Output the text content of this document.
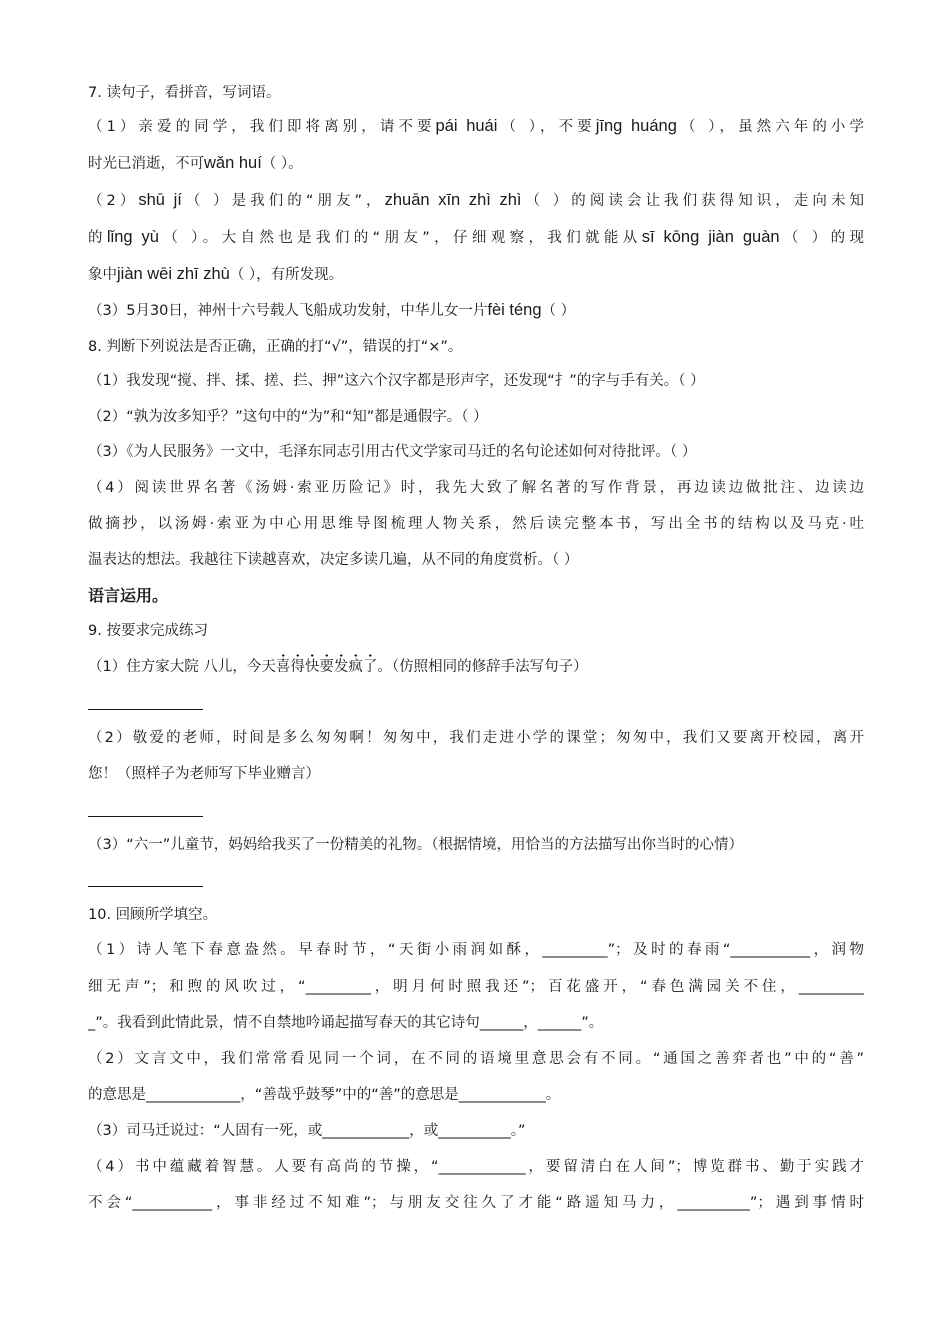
7. 读句子，看拼音，写词语。
（1）亲爱的同学，我们即将离别，请不要pái huái（ ），不要jīng huáng（ ），虽然六年的小学
时光已消逝，不可wǎn huí（ ）。
（2）shū jí（ ）是我们的“朋友”，zhuān xīn zhì zhì（ ）的阅读会让我们获得知识，走向未知
的lǐng yù（ ）。大自然也是我们的“朋友”，仔细观察，我们就能从sī kōng jiàn guàn（ ）的现
象中jiàn wēi zhī zhù（ ），有所发现。
（3）5月30日，神州十六号载人飞船成功发射，中华儿女一片fèi téng（ ）
8. 判断下列说法是否正确，正确的打“√”，错误的打“×”。
（1）我发现“搅、拌、揉、搓、拦、押”这六个汉字都是形声字，还发现“扌”的字与手有关。（ ）
（2）“孰为汝多知乎？”这句中的“为”和“知”都是通假字。（ ）
（3）《为人民服务》一文中，毛泽东同志引用古代文学家司马迁的名句论述如何对待批评。（ ）
（4）阅读世界名著《汤姆·索亚历险记》时，我先大致了解名著的写作背景，再边读边做批注、边读边
做摘抄，以汤姆·索亚为中心用思维导图梳理人物关系，然后读完整本书，写出全书的结构以及马克·吐
温表达的想法。我越往下读越喜欢，决定多读几遍，从不同的角度赏析。（ ）
语言运用。
9. 按要求完成练习
（1）住方家大院 八儿，今天喜得快要发疯了。（仿照相同的修辞手法写句子）
（2）敬爱的老师，时间是多么匆匆啊！匆匆中，我们走进小学的课堂；匆匆中，我们又要离开校园，离开
您！（照样子为老师写下毕业赠言）
（3）“六一”儿童节，妈妈给我买了一份精美的礼物。（根据情境，用恰当的方法描写出你当时的心情）
10. 回顾所学填空。
（1）诗人笔下春意盎然。早春时节，“天街小雨润如酥，_________”；及时的春雨“___________，润物
细无声”；和煦的风吹过，“_________，明月何时照我还”；百花盛开，“春色满园关不住，_________
_”。我看到此情此景，情不自禁地吟诵起描写春天的其它诗句______，______”。
（2）文言文中，我们常常看见同一个词，在不同的语境里意思会有不同。“通国之善弈者也”中的“善”
的意思是_____________，“善哉乎鼓琴”中的“善”的意思是____________。
（3）司马迁说过：“人固有一死，或____________，或__________。”
（4）书中蕴藏着智慧。人要有高尚的节操，“____________，要留清白在人间”；博览群书、勤于实践才
不会“___________，事非经过不知难”；与朋友交往久了才能“路遥知马力，__________”；遇到事情时
